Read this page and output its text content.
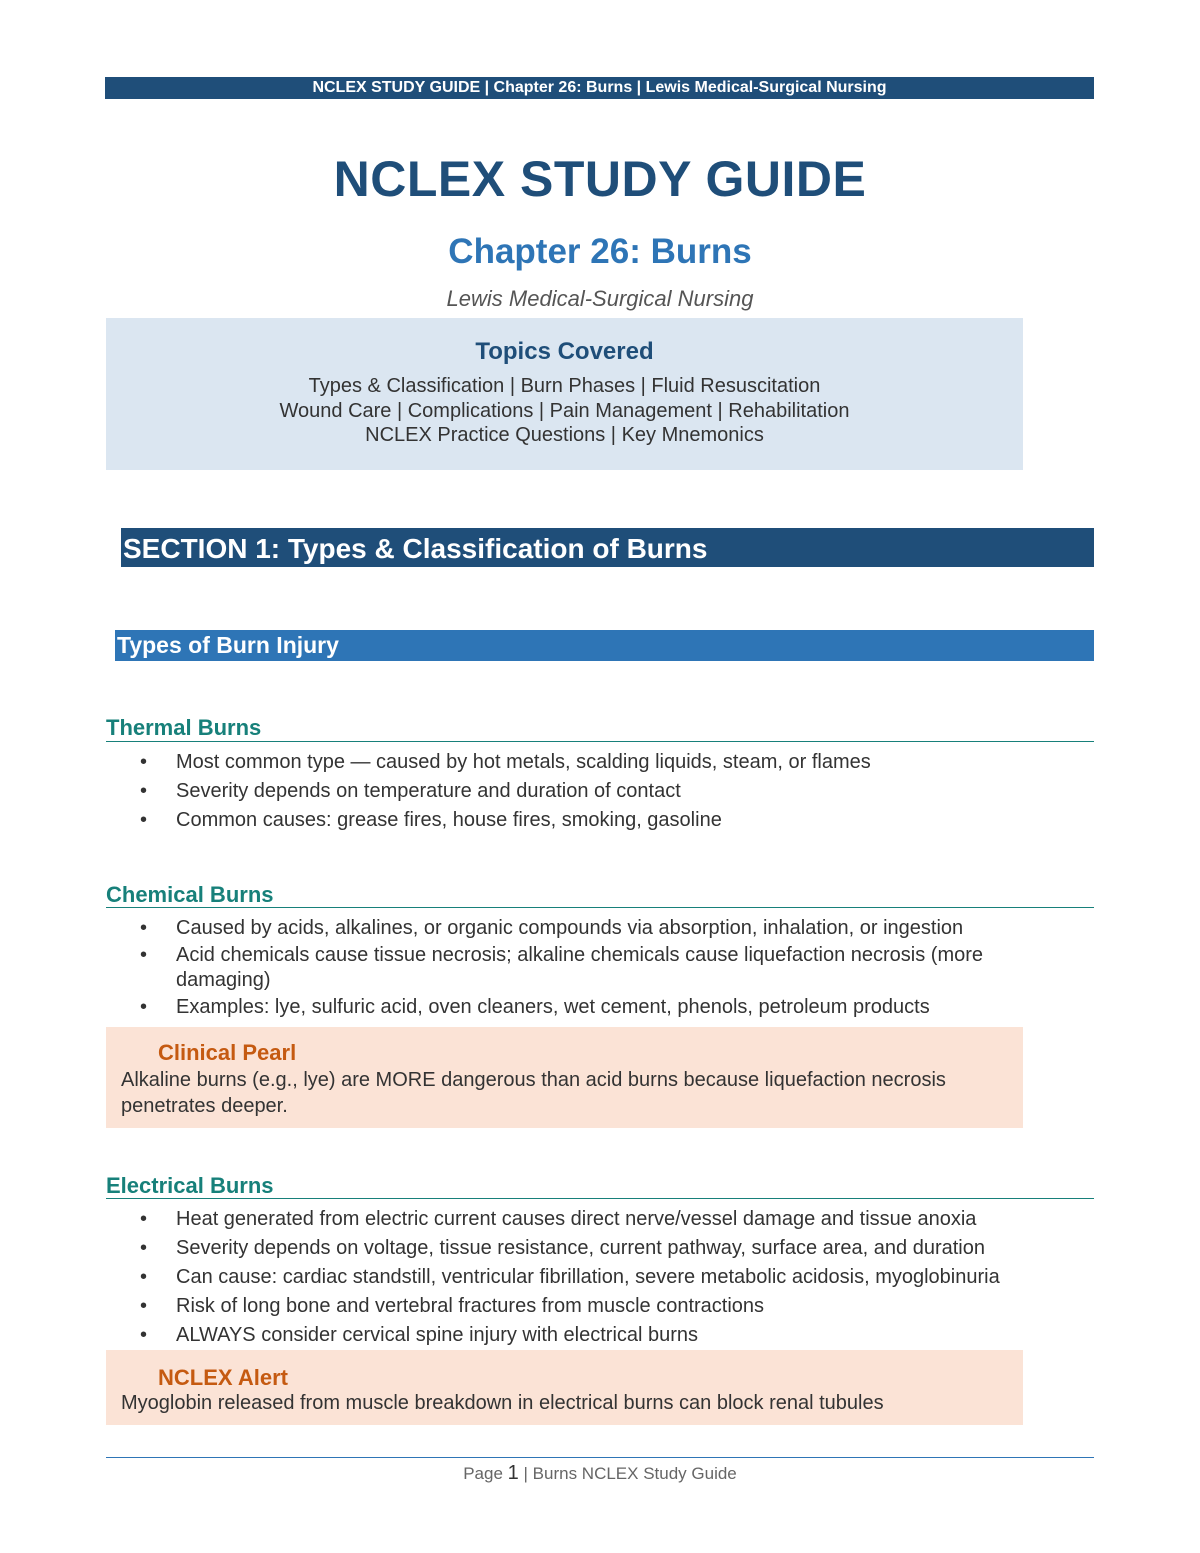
NCLEX STUDY GUIDE | Chapter 26: Burns | Lewis Medical-Surgical Nursing
NCLEX STUDY GUIDE
Chapter 26: Burns
Lewis Medical-Surgical Nursing
Topics Covered
Types & Classification | Burn Phases | Fluid Resuscitation
Wound Care | Complications | Pain Management | Rehabilitation
NCLEX Practice Questions | Key Mnemonics
SECTION 1: Types & Classification of Burns
Types of Burn Injury
Thermal Burns
• Most common type — caused by hot metals, scalding liquids, steam, or flames
• Severity depends on temperature and duration of contact
• Common causes: grease fires, house fires, smoking, gasoline
Chemical Burns
• Caused by acids, alkalines, or organic compounds via absorption, inhalation, or ingestion
• Acid chemicals cause tissue necrosis; alkaline chemicals cause liquefaction necrosis (more damaging)
• Examples: lye, sulfuric acid, oven cleaners, wet cement, phenols, petroleum products
Clinical Pearl
Alkaline burns (e.g., lye) are MORE dangerous than acid burns because liquefaction necrosis penetrates deeper.
Electrical Burns
• Heat generated from electric current causes direct nerve/vessel damage and tissue anoxia
• Severity depends on voltage, tissue resistance, current pathway, surface area, and duration
• Can cause: cardiac standstill, ventricular fibrillation, severe metabolic acidosis, myoglobinuria
• Risk of long bone and vertebral fractures from muscle contractions
• ALWAYS consider cervical spine injury with electrical burns
NCLEX Alert
Myoglobin released from muscle breakdown in electrical burns can block renal tubules
Page 1 | Burns NCLEX Study Guide
